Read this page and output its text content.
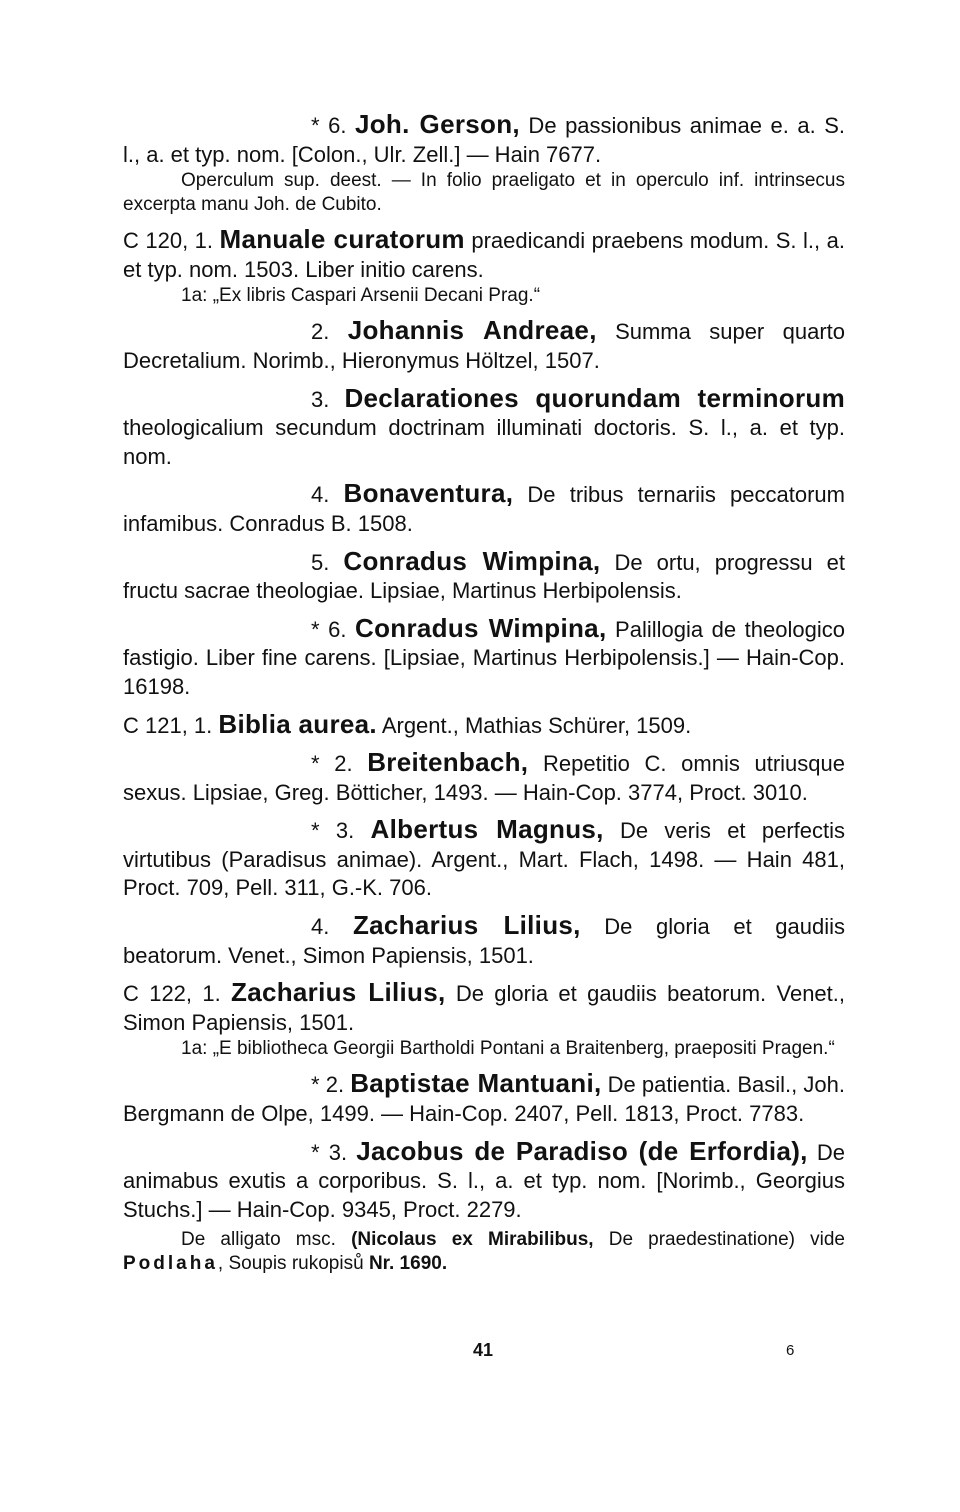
* 6. Joh. Gerson, De passionibus animae e. a. S. l., a. et typ. nom. [Colon., Ulr. Zell.] — Hain 7677.

Operculum sup. deest. — In folio praeligato et in operculo inf. intrinsecus excerpta manu Joh. de Cubito.

C 120, 1. Manuale curatorum praedicandi praebens modum. S. l., a. et typ. nom. 1503. Liber initio carens.

1a: „Ex libris Caspari Arsenii Decani Prag.“

2. Johannis Andreae, Summa super quarto Decretalium. Norimb., Hieronymus Höltzel, 1507.

3. Declarationes quorundam terminorum theologicalium secundum doctrinam illuminati doctoris. S. l., a. et typ. nom.

4. Bonaventura, De tribus ternariis peccatorum infamibus. Conradus B. 1508.

5. Conradus Wimpina, De ortu, progressu et fructu sacrae theologiae. Lipsiae, Martinus Herbipolensis.

* 6. Conradus Wimpina, Palillogia de theologico fastigio. Liber fine carens. [Lipsiae, Martinus Herbipolensis.] — Hain-Cop. 16198.

C 121, 1. Biblia aurea. Argent., Mathias Schürer, 1509.

* 2. Breitenbach, Repetitio C. omnis utriusque sexus. Lipsiae, Greg. Bötticher, 1493. — Hain-Cop. 3774, Proct. 3010.

* 3. Albertus Magnus, De veris et perfectis virtutibus (Paradisus animae). Argent., Mart. Flach, 1498. — Hain 481, Proct. 709, Pell. 311, G.-K. 706.

4. Zacharius Lilius, De gloria et gaudiis beatorum. Venet., Simon Papiensis, 1501.

C 122, 1. Zacharius Lilius, De gloria et gaudiis beatorum. Venet., Simon Papiensis, 1501.

1a: „E bibliotheca Georgii Bartholdi Pontani a Braitenberg, praepositi Pragen.“

* 2. Baptistae Mantuani, De patientia. Basil., Joh. Bergmann de Olpe, 1499. — Hain-Cop. 2407, Pell. 1813, Proct. 7783.

* 3. Jacobus de Paradiso (de Erfordia), De animabus exutis a corporibus. S. l., a. et typ. nom. [Norimb., Georgius Stuchs.] — Hain-Cop. 9345, Proct. 2279.

De alligato msc. (Nicolaus ex Mirabilibus, De praedestinatione) vide Podlaha, Soupis rukopisů Nr. 1690.

41	6
